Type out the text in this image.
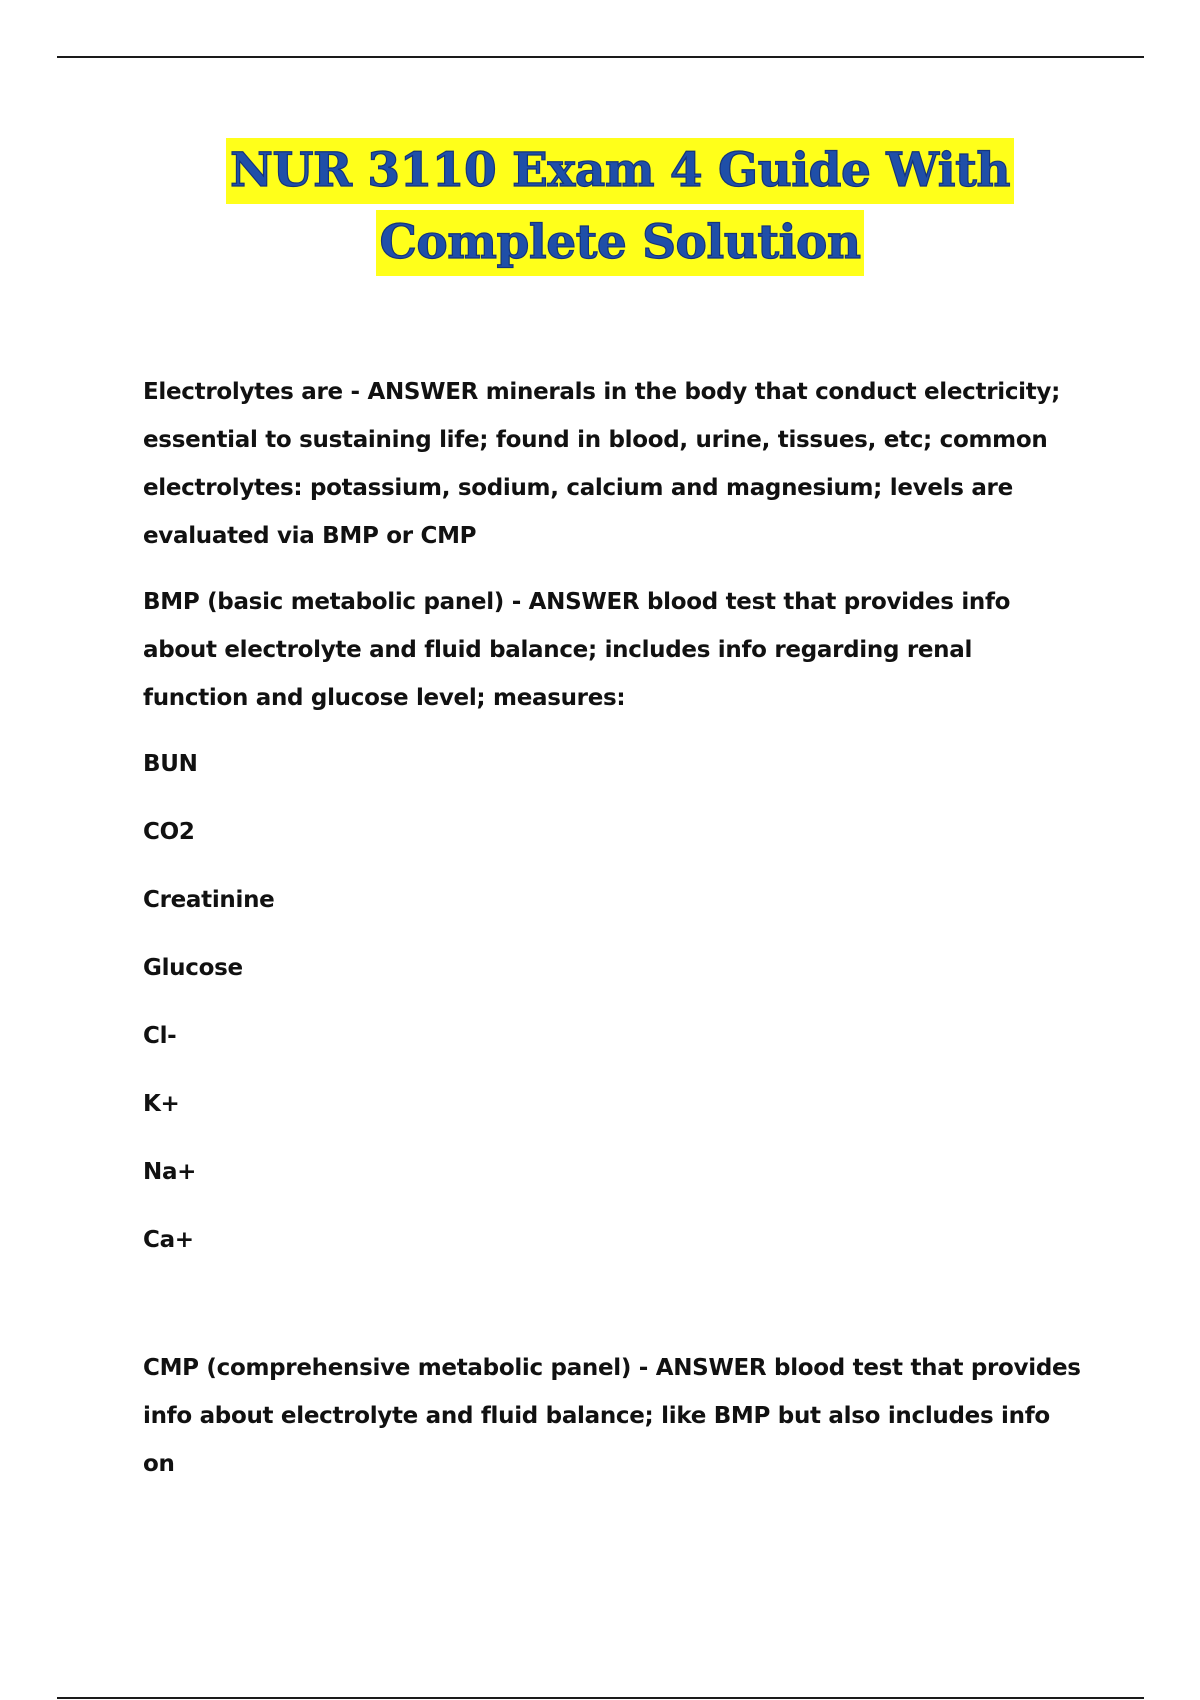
NUR 3110 Exam 4 Guide With
Complete Solution

Electrolytes are - ANSWER minerals in the body that conduct electricity; essential to sustaining life; found in blood, urine, tissues, etc; common electrolytes: potassium, sodium, calcium and magnesium; levels are evaluated via BMP or CMP

BMP (basic metabolic panel) - ANSWER blood test that provides info about electrolyte and fluid balance; includes info regarding renal function and glucose level; measures:

BUN
CO2
Creatinine
Glucose
Cl-
K+
Na+
Ca+

CMP (comprehensive metabolic panel) - ANSWER blood test that provides info about electrolyte and fluid balance; like BMP but also includes info on
